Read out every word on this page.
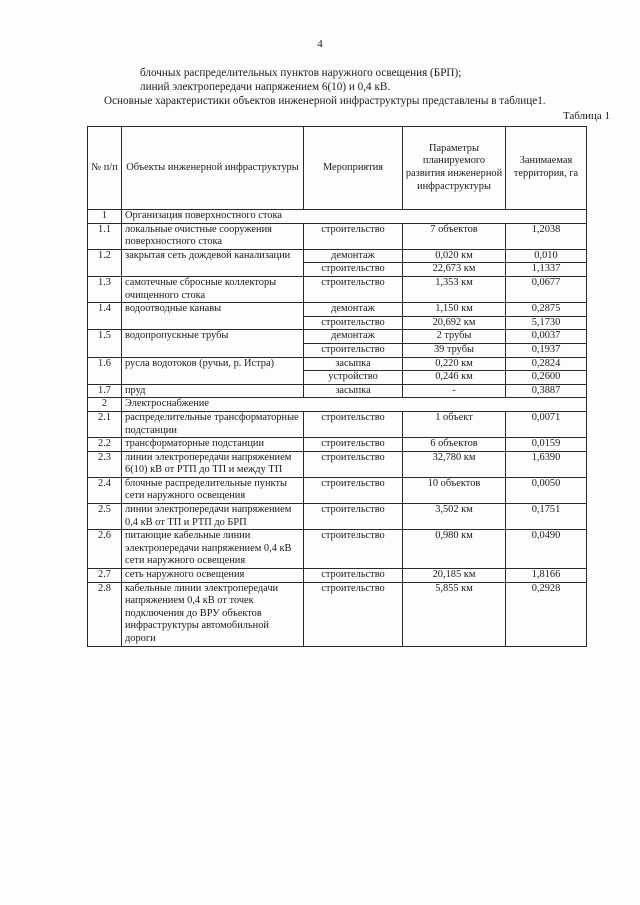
4
блочных распределительных пунктов наружного освещения (БРП);
линий электропередачи напряжением 6(10) и 0,4 кВ.
Основные характеристики объектов инженерной инфраструктуры представлены в таблице1.
Таблица 1
№ п/п	Объекты инженерной инфраструктуры	Мероприятия	Параметры планируемого развития инженерной инфраструктуры	Занимаемая территория, га
1	Организация поверхностного стока			
1.1	локальные очистные сооружения поверхностного стока	строительство	7 объектов	1,2038
1.2	закрытая сеть дождевой канализации	демонтаж	0,020 км	0,010
		строительство	22,673 км	1,1337
1.3	самотечные сбросные коллекторы очищенного стока	строительство	1,353 км	0,0677
1.4	водоотводные канавы	демонтаж	1,150 км	0,2875
		строительство	20,692 км	5,1730
1.5	водопропускные трубы	демонтаж	2 трубы	0,0037
		строительство	39 трубы	0,1937
1.6	русла водотоков (ручьи, р. Истра)	засыпка	0,220 км	0,2824
		устройство	0,246 км	0,2600
1.7	пруд	засыпка	-	0,3887
2	Электроснабжение			
2.1	распределительные трансформаторные подстанции	строительство	1 объект	0,0071
2.2	трансформаторные подстанции	строительство	6 объектов	0,0159
2.3	линии электропередачи напряжением 6(10) кВ от РТП до ТП и между ТП	строительство	32,780 км	1,6390
2.4	блочные распределительные пункты сети наружного освещения	строительство	10 объектов	0,0050
2.5	линии электропередачи напряжением 0,4 кВ от ТП и РТП до БРП	строительство	3,502 км	0,1751
2.6	питающие кабельные линии электропередачи напряжением 0,4 кВ сети наружного освещения	строительство	0,980 км	0,0490
2.7	сеть наружного освещения	строительство	20,185 км	1,8166
2.8	кабельные линии электропередачи напряжением 0,4 кВ от точек подключения до ВРУ объектов инфраструктуры автомобильной дороги	строительство	5,855 км	0,2928
